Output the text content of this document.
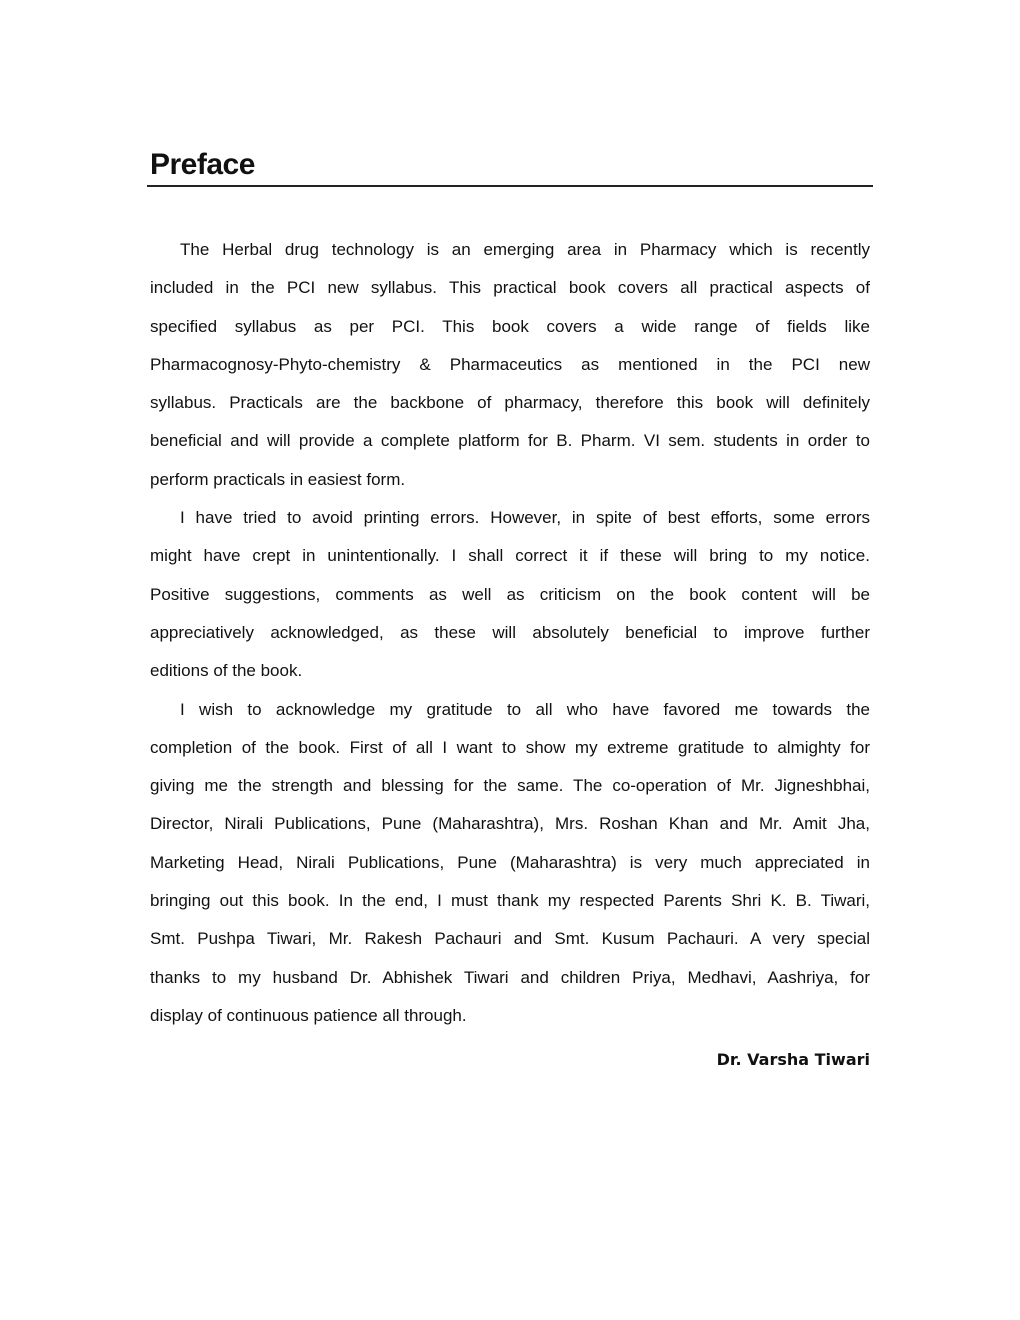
Preface
The Herbal drug technology is an emerging area in Pharmacy which is recently
included in the PCI new syllabus. This practical book covers all practical aspects of
specified syllabus as per PCI. This book covers a wide range of fields like
Pharmacognosy-Phyto-chemistry & Pharmaceutics as mentioned in the PCI new
syllabus. Practicals are the backbone of pharmacy, therefore this book will definitely
beneficial and will provide a complete platform for B. Pharm. VI sem. students in order to
perform practicals in easiest form.
I have tried to avoid printing errors. However, in spite of best efforts, some errors
might have crept in unintentionally. I shall correct it if these will bring to my notice.
Positive suggestions, comments as well as criticism on the book content will be
appreciatively acknowledged, as these will absolutely beneficial to improve further
editions of the book.
I wish to acknowledge my gratitude to all who have favored me towards the
completion of the book. First of all I want to show my extreme gratitude to almighty for
giving me the strength and blessing for the same. The co-operation of Mr. Jigneshbhai,
Director, Nirali Publications, Pune (Maharashtra), Mrs. Roshan Khan and Mr. Amit Jha,
Marketing Head, Nirali Publications, Pune (Maharashtra) is very much appreciated in
bringing out this book. In the end, I must thank my respected Parents Shri K. B. Tiwari,
Smt. Pushpa Tiwari, Mr. Rakesh Pachauri and Smt. Kusum Pachauri. A very special
thanks to my husband Dr. Abhishek Tiwari and children Priya, Medhavi, Aashriya, for
display of continuous patience all through.
Dr. Varsha Tiwari
